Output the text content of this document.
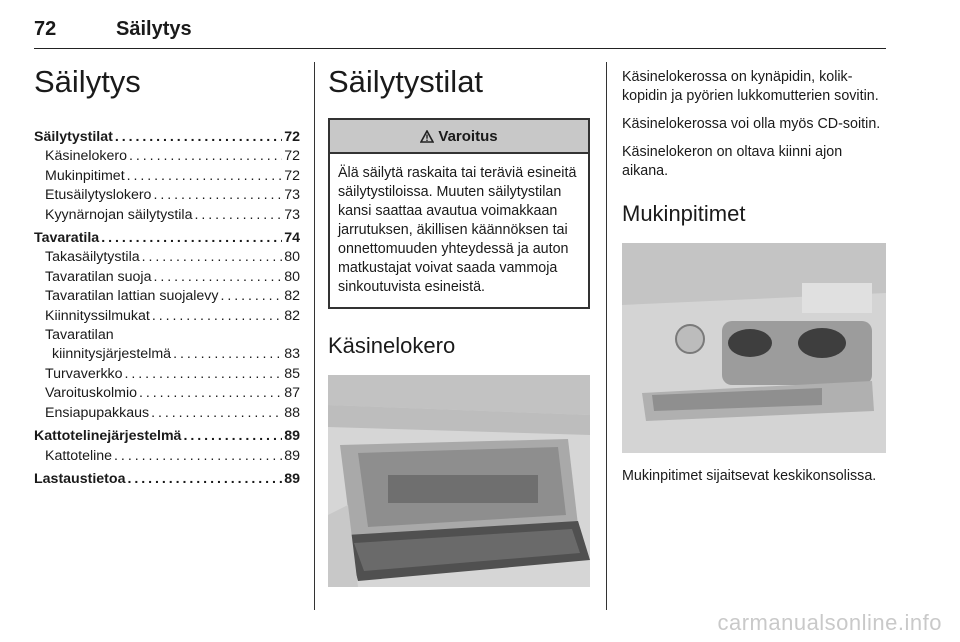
72	Säilytys
Säilytys
Säilytystilat . . .	72
Käsinelokero . . .	72
Mukinpitimet . . .	72
Etusäilytyslokero . . .	73
Kyynärnojan säilytystila . . .	73
Tavaratila . . .	74
Takasäilytystila . . .	80
Tavaratilan suoja . . .	80
Tavaratilan lattian suojalevy . . .	82
Kiinnityssilmukat . . .	82
Tavaratilan
kiinnitysjärjestelmä . . .	83
Turvaverkko . . .	85
Varoituskolmio . . .	87
Ensiapupakkaus . . .	88
Kattotelinejärjestelmä . . .	89
Kattoteline . . .	89
Lastaustietoa . . .	89
Säilytystilat
Varoitus
Älä säilytä raskaita tai teräviä esineitä säilytystiloissa. Muuten säilytystilan kansi saattaa avautua voimakkaan jarrutuksen, äkillisen käännöksen tai onnettomuuden yhteydessä ja auton matkustajat voivat saada vammoja sinkoutuvista esineistä.
Käsinelokero

Käsinelokerossa on kynäpidin, kolikkopidin ja pyörien lukkomutterien sovitin.

Käsinelokerossa voi olla myös CD-soitin.

Käsinelokeron on oltava kiinni ajon aikana.

Mukinpitimet

Mukinpitimet sijaitsevat keskikonsolissa.

carmanualsonline.info
